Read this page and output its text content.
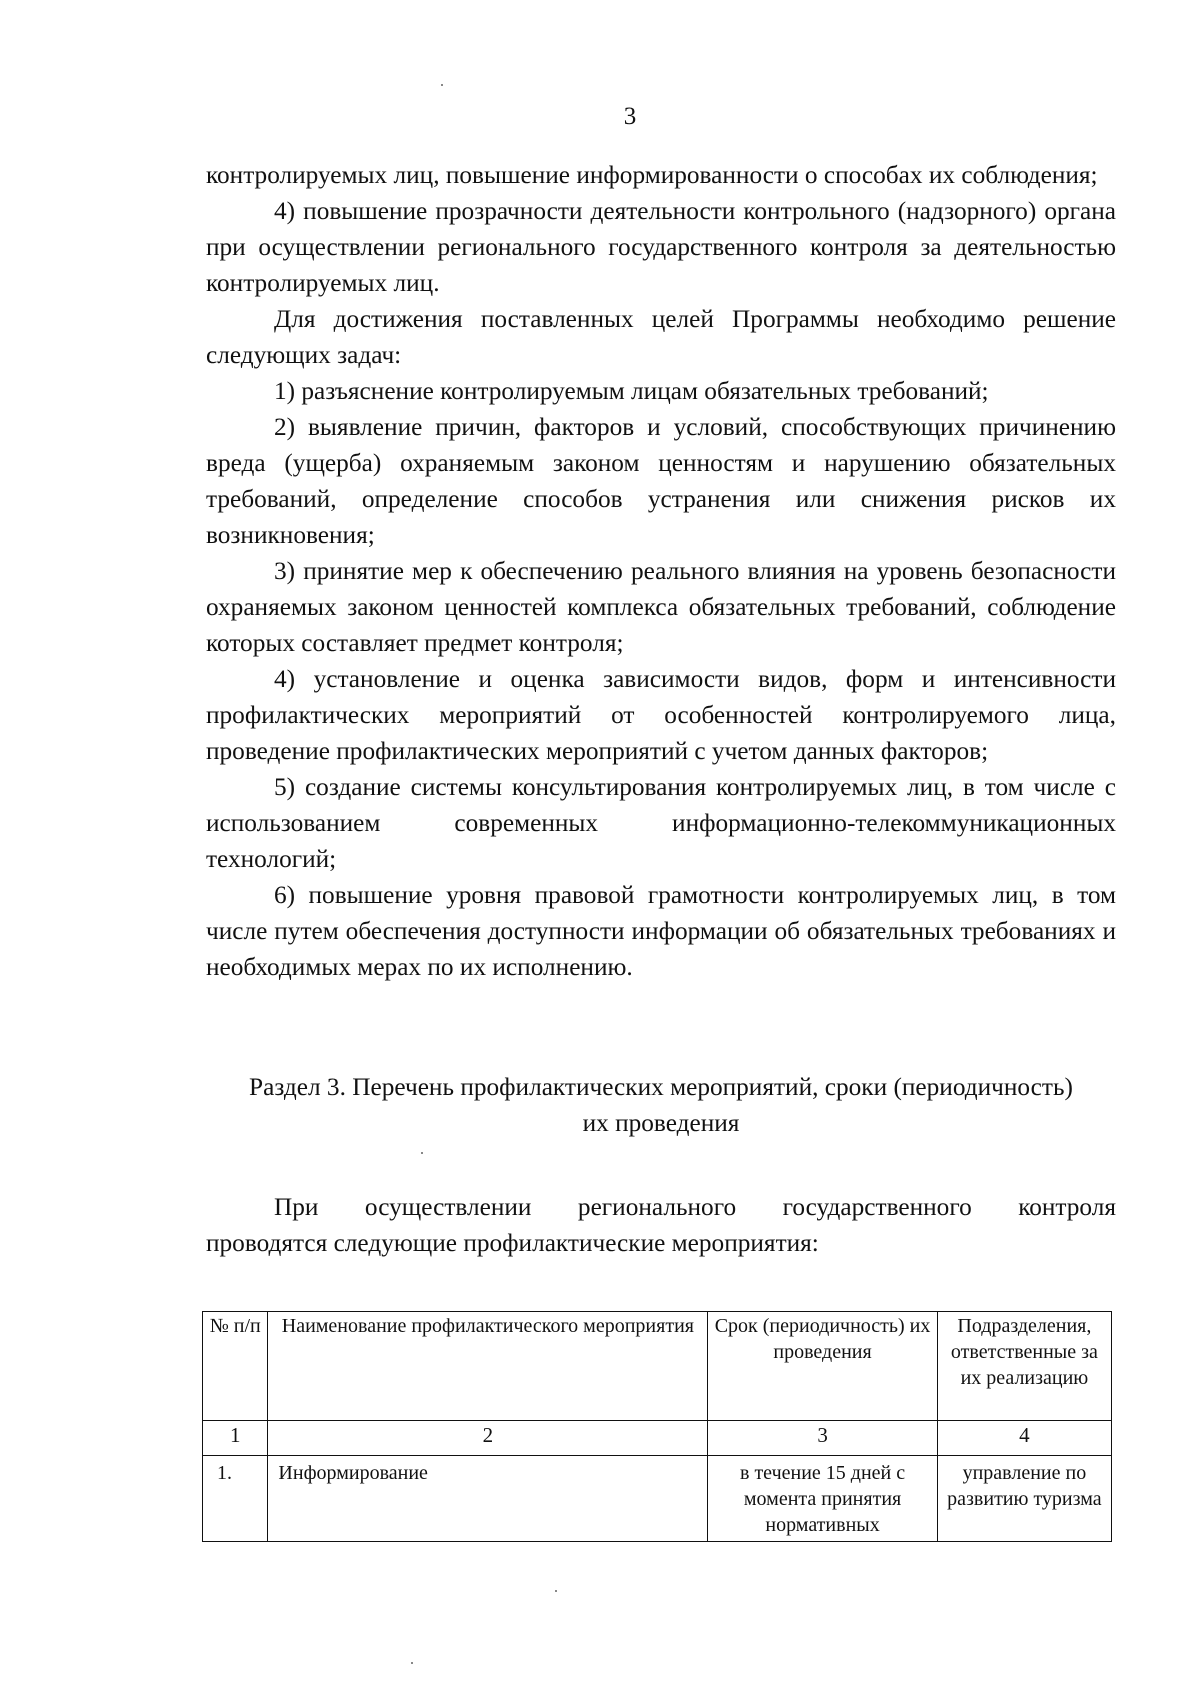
3

контролируемых лиц, повышение информированности о способах их соблюдения;

4) повышение прозрачности деятельности контрольного (надзорного) органа при осуществлении регионального государственного контроля за деятельностью контролируемых лиц.

Для достижения поставленных целей Программы необходимо решение следующих задач:

1) разъяснение контролируемым лицам обязательных требований;

2) выявление причин, факторов и условий, способствующих причинению вреда (ущерба) охраняемым законом ценностям и нарушению обязательных требований, определение способов устранения или снижения рисков их возникновения;

3) принятие мер к обеспечению реального влияния на уровень безопасности охраняемых законом ценностей комплекса обязательных требований, соблюдение которых составляет предмет контроля;

4) установление и оценка зависимости видов, форм и интенсивности профилактических мероприятий от особенностей контролируемого лица, проведение профилактических мероприятий с учетом данных факторов;

5) создание системы консультирования контролируемых лиц, в том числе с использованием современных информационно-телекоммуникационных технологий;

6) повышение уровня правовой грамотности контролируемых лиц, в том числе путем обеспечения доступности информации об обязательных требованиях и необходимых мерах по их исполнению.

Раздел 3. Перечень профилактических мероприятий, сроки (периодичность)
их проведения

При осуществлении регионального государственного контроля

проводятся следующие профилактические мероприятия:
№ п/п	Наименование профилактического мероприятия	Срок (периодичность) их проведения	Подразделения, ответственные за их реализацию
1	2	3	4
1.	Информирование	в течение 15 дней с момента принятия нормативных	управление по развитию туризма
